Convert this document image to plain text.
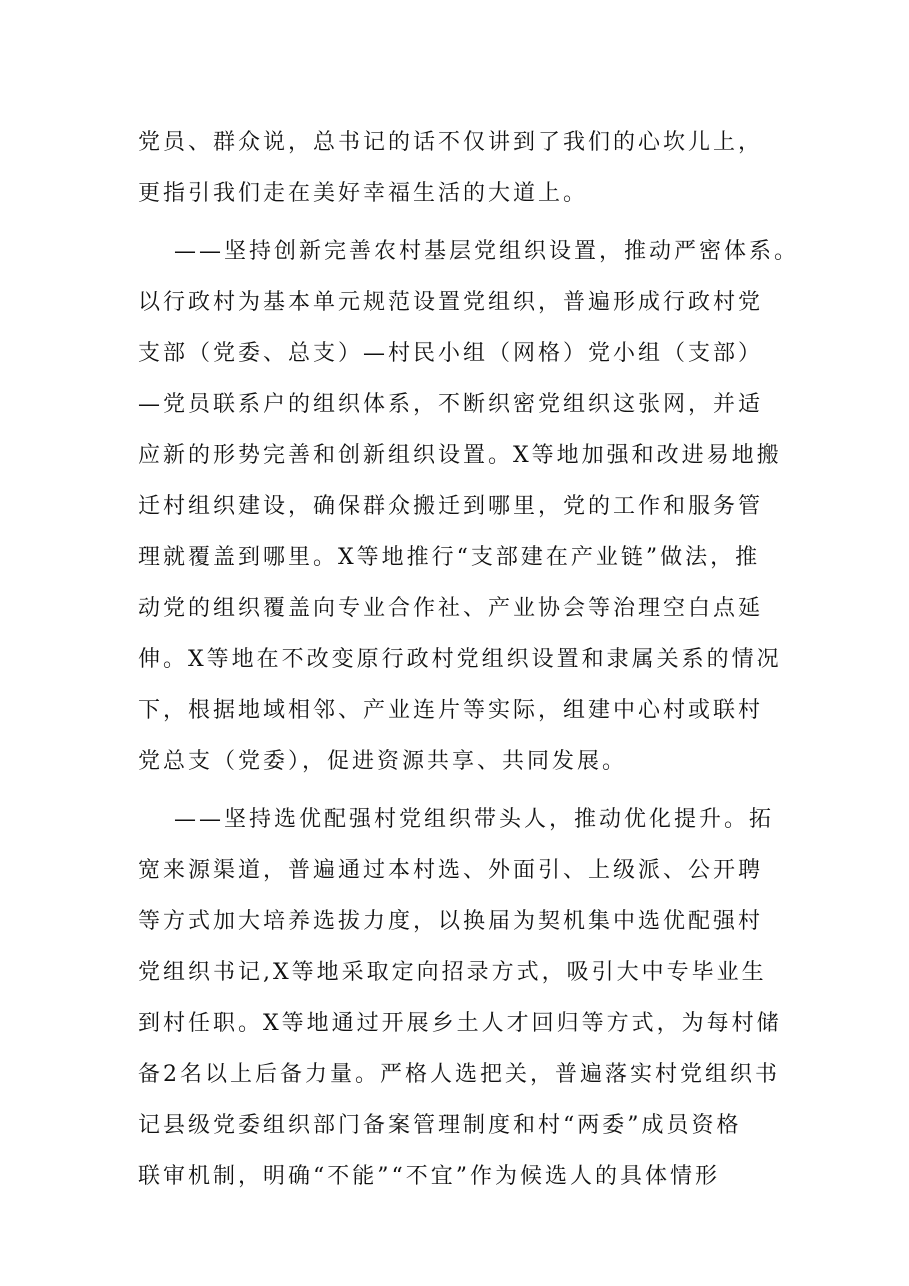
党员、群众说，总书记的话不仅讲到了我们的心坎儿上，
更指引我们走在美好幸福生活的大道上。
——坚持创新完善农村基层党组织设置，推动严密体系。
以行政村为基本单元规范设置党组织，普遍形成行政村党
支部（党委、总支）—村民小组（网格）党小组（支部）
—党员联系户的组织体系，不断织密党组织这张网，并适
应新的形势完善和创新组织设置。X等地加强和改进易地搬
迁村组织建设，确保群众搬迁到哪里，党的工作和服务管
理就覆盖到哪里。X等地推行“支部建在产业链”做法，推
动党的组织覆盖向专业合作社、产业协会等治理空白点延
伸。X等地在不改变原行政村党组织设置和隶属关系的情况
下，根据地域相邻、产业连片等实际，组建中心村或联村
党总支（党委），促进资源共享、共同发展。
——坚持选优配强村党组织带头人，推动优化提升。拓
宽来源渠道，普遍通过本村选、外面引、上级派、公开聘
等方式加大培养选拔力度，以换届为契机集中选优配强村
党组织书记,X等地采取定向招录方式，吸引大中专毕业生
到村任职。X等地通过开展乡土人才回归等方式，为每村储
备2名以上后备力量。严格人选把关，普遍落实村党组织书
记县级党委组织部门备案管理制度和村“两委”成员资格
联审机制，明确“不能”“不宜”作为候选人的具体情形
